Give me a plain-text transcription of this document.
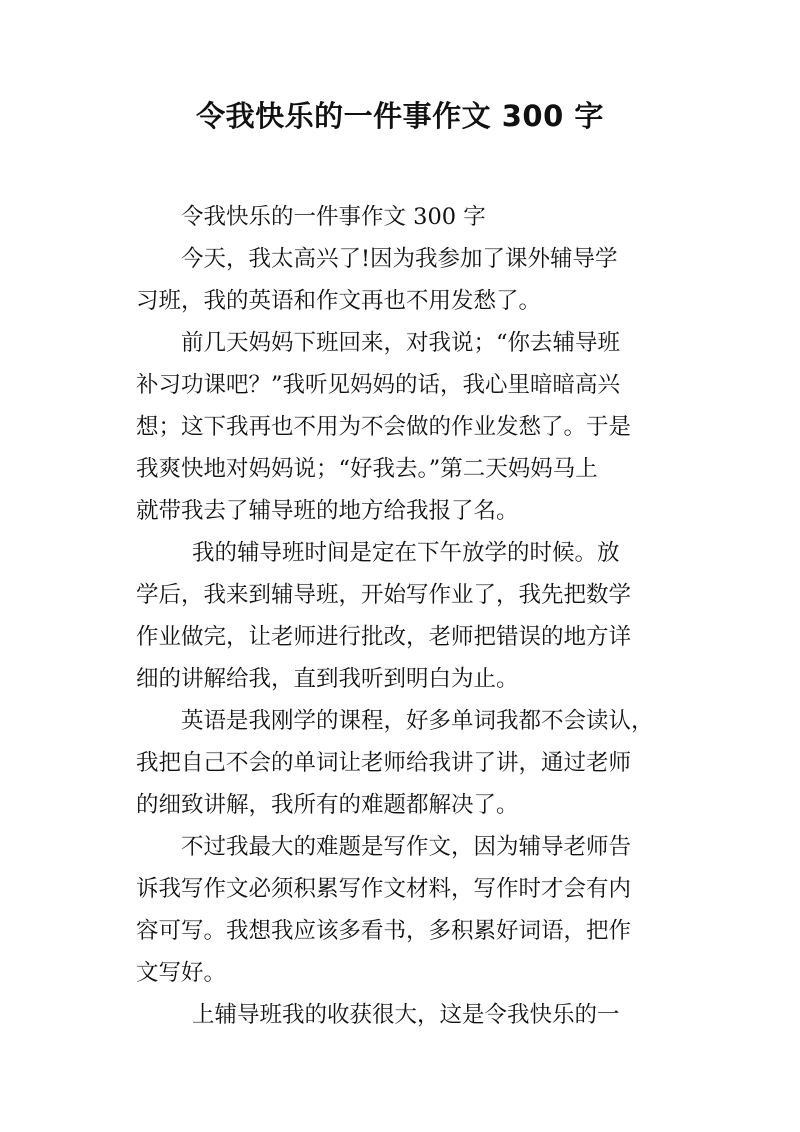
令我快乐的一件事作文 300 字

令我快乐的一件事作文 300 字

今天，我太高兴了!因为我参加了课外辅导学

习班，我的英语和作文再也不用发愁了。

前几天妈妈下班回来，对我说；“你去辅导班

补习功课吧？”我听见妈妈的话，我心里暗暗高兴

想；这下我再也不用为不会做的作业发愁了。于是

我爽快地对妈妈说；“好我去。”第二天妈妈马上

就带我去了辅导班的地方给我报了名。

我的辅导班时间是定在下午放学的时候。放

学后，我来到辅导班，开始写作业了，我先把数学

作业做完，让老师进行批改，老师把错误的地方详

细的讲解给我，直到我听到明白为止。

英语是我刚学的课程，好多单词我都不会读认，

我把自己不会的单词让老师给我讲了讲，通过老师

的细致讲解，我所有的难题都解决了。

不过我最大的难题是写作文，因为辅导老师告

诉我写作文必须积累写作文材料，写作时才会有内

容可写。我想我应该多看书，多积累好词语，把作

文写好。

上辅导班我的收获很大，这是令我快乐的一
